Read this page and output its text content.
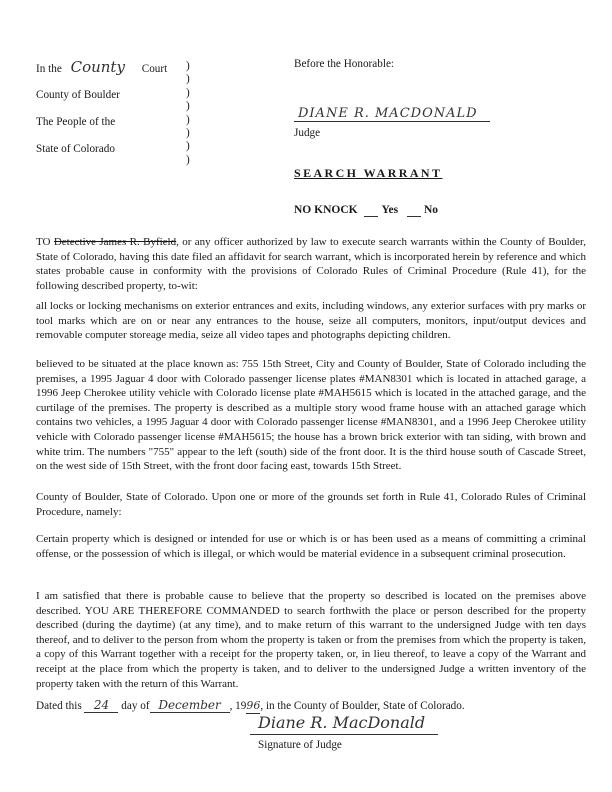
In the County Court
County of Boulder
The People of the
State of Colorado
)
)
)
)
)
)
)
)
Before the Honorable:
DIANE R. MACDONALD
Judge
SEARCH WARRANT
NO KNOCK Yes No
TO Detective James R. Byfield, or any officer authorized by law to execute search warrants within the County of Boulder, State of Colorado, having this date filed an affidavit for search warrant, which is incorporated herein by reference and which states probable cause in conformity with the provisions of Colorado Rules of Criminal Procedure (Rule 41), for the following described property, to-wit:
all locks or locking mechanisms on exterior entrances and exits, including windows, any exterior surfaces with pry marks or tool marks which are on or near any entrances to the house, seize all computers, monitors, input/output devices and removable computer storeage media, seize all video tapes and photographs depicting children.
believed to be situated at the place known as: 755 15th Street, City and County of Boulder, State of Colorado including the premises, a 1995 Jaguar 4 door with Colorado passenger license plates #MAN8301 which is located in attached garage, a 1996 Jeep Cherokee utility vehicle with Colorado license plate #MAH5615 which is located in the attached garage, and the curtilage of the premises. The property is described as a multiple story wood frame house with an attached garage which contains two vehicles, a 1995 Jaguar 4 door with Colorado passenger license #MAN8301, and a 1996 Jeep Cherokee utility vehicle with Colorado passenger license #MAH5615; the house has a brown brick exterior with tan siding, with brown and white trim. The numbers "755" appear to the left (south) side of the front door. It is the third house south of Cascade Street, on the west side of 15th Street, with the front door facing east, towards 15th Street.
County of Boulder, State of Colorado. Upon one or more of the grounds set forth in Rule 41, Colorado Rules of Criminal Procedure, namely:
Certain property which is designed or intended for use or which is or has been used as a means of committing a criminal offense, or the possession of which is illegal, or which would be material evidence in a subsequent criminal prosecution.
I am satisfied that there is probable cause to believe that the property so described is located on the premises above described. YOU ARE THEREFORE COMMANDED to search forthwith the place or person described for the property described (during the daytime) (at any time), and to make return of this warrant to the undersigned Judge with ten days thereof, and to deliver to the person from whom the property is taken or from the premises from which the property is taken, a copy of this Warrant together with a receipt for the property taken, or, in lieu thereof, to leave a copy of the Warrant and receipt at the place from which the property is taken, and to deliver to the undersigned Judge a written inventory of the property taken with the return of this Warrant.
Dated this 24 day of December , 1996, in the County of Boulder, State of Colorado.
Diane R. MacDonald
Signature of Judge
